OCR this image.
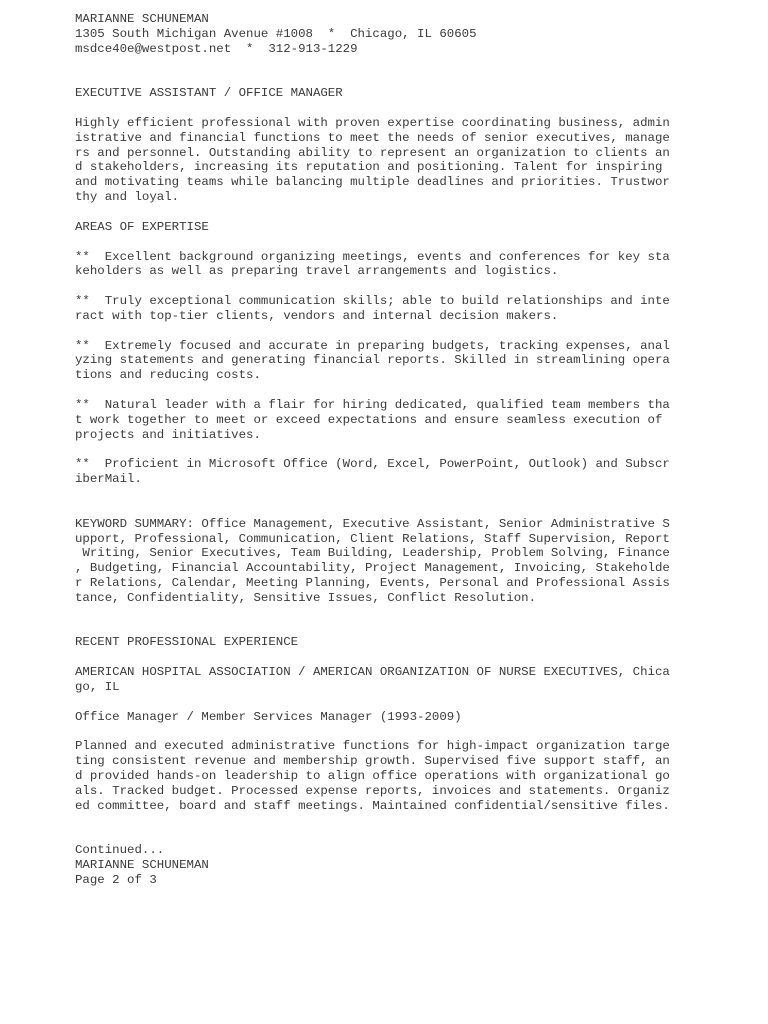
MARIANNE SCHUNEMAN
1305 South Michigan Avenue #1008  *  Chicago, IL 60605
msdce40e@westpost.net  *  312-913-1229
EXECUTIVE ASSISTANT / OFFICE MANAGER
Highly efficient professional with proven expertise coordinating business, admin
istrative and financial functions to meet the needs of senior executives, manage
rs and personnel. Outstanding ability to represent an organization to clients an
d stakeholders, increasing its reputation and positioning. Talent for inspiring
and motivating teams while balancing multiple deadlines and priorities. Trustwor
thy and loyal.
AREAS OF EXPERTISE
**  Excellent background organizing meetings, events and conferences for key sta
keholders as well as preparing travel arrangements and logistics.
**  Truly exceptional communication skills; able to build relationships and inte
ract with top-tier clients, vendors and internal decision makers.
**  Extremely focused and accurate in preparing budgets, tracking expenses, anal
yzing statements and generating financial reports. Skilled in streamlining opera
tions and reducing costs.
**  Natural leader with a flair for hiring dedicated, qualified team members tha
t work together to meet or exceed expectations and ensure seamless execution of
projects and initiatives.
**  Proficient in Microsoft Office (Word, Excel, PowerPoint, Outlook) and Subscr
iberMail.
KEYWORD SUMMARY: Office Management, Executive Assistant, Senior Administrative S
upport, Professional, Communication, Client Relations, Staff Supervision, Report
Writing, Senior Executives, Team Building, Leadership, Problem Solving, Finance
, Budgeting, Financial Accountability, Project Management, Invoicing, Stakeholde
r Relations, Calendar, Meeting Planning, Events, Personal and Professional Assis
tance, Confidentiality, Sensitive Issues, Conflict Resolution.
RECENT PROFESSIONAL EXPERIENCE
AMERICAN HOSPITAL ASSOCIATION / AMERICAN ORGANIZATION OF NURSE EXECUTIVES, Chica
go, IL
Office Manager / Member Services Manager (1993-2009)
Planned and executed administrative functions for high-impact organization targe
ting consistent revenue and membership growth. Supervised five support staff, an
d provided hands-on leadership to align office operations with organizational go
als. Tracked budget. Processed expense reports, invoices and statements. Organiz
ed committee, board and staff meetings. Maintained confidential/sensitive files.
Continued...
MARIANNE SCHUNEMAN
Page 2 of 3
